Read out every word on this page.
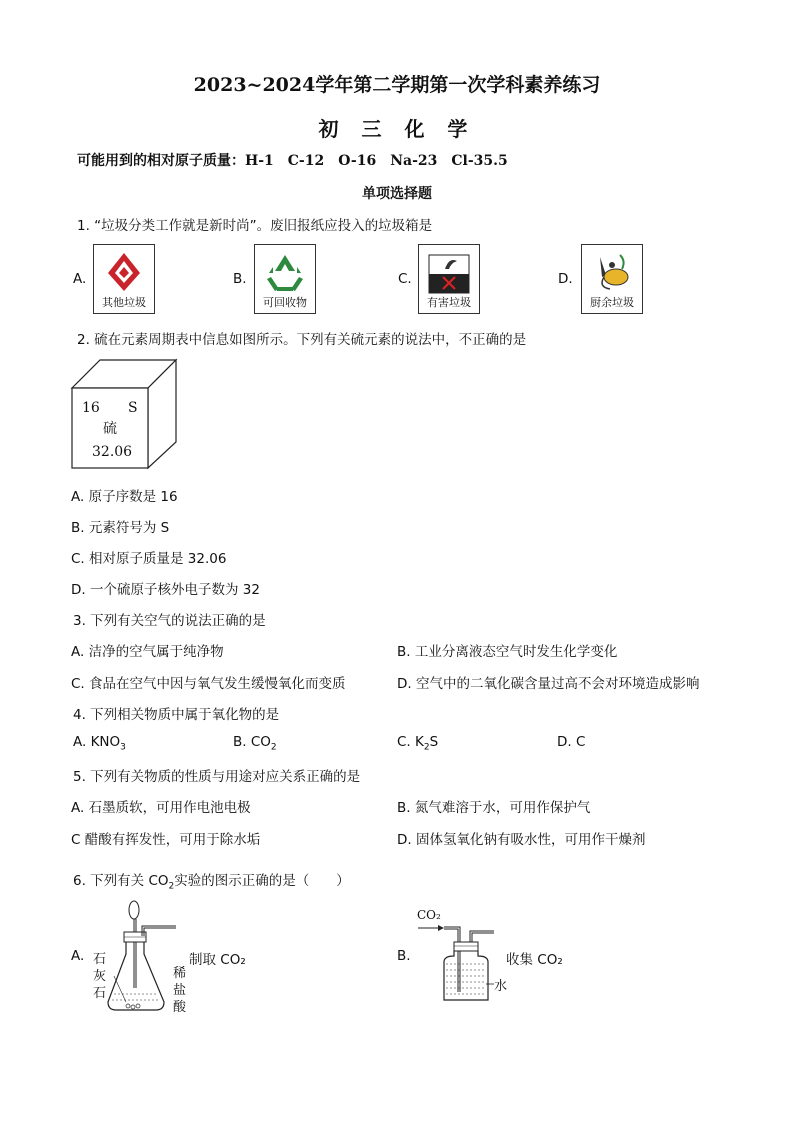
2023~2024学年第二学期第一次学科素养练习
初 三 化 学
可能用到的相对原子质量：H-1　C-12　O-16　Na-23　Cl-35.5
单项选择题
1. “垃圾分类工作就是新时尚”。废旧报纸应投入的垃圾箱是
A.
其他垃圾
B.
可回收物
C.
有害垃圾
D.
厨余垃圾
2. 硫在元素周期表中信息如图所示。下列有关硫元素的说法中，不正确的是
16 S
硫
32.06
A. 原子序数是 16
B. 元素符号为 S
C. 相对原子质量是 32.06
D. 一个硫原子核外电子数为 32
3. 下列有关空气的说法正确的是
A. 洁净的空气属于纯净物	B. 工业分离液态空气时发生化学变化
C. 食品在空气中因与氧气发生缓慢氧化而变质	D. 空气中的二氧化碳含量过高不会对环境造成影响
4. 下列相关物质中属于氧化物的是
A. $KNO_3$	B. $CO_2$	C. $K_2S$	D. C
5. 下列有关物质的性质与用途对应关系正确的是
A. 石墨质软，可用作电池电极	B. 氮气难溶于水，可用作保护气
C 醋酸有挥发性，可用于除水垢	D. 固体氢氧化钠有吸水性，可用作干燥剂
6. 下列有关 $CO_2$实验的图示正确的是（　　）
A. 石
灰
石
稀
盐
酸
制取 CO₂	B.
CO₂
水
收集 CO₂
